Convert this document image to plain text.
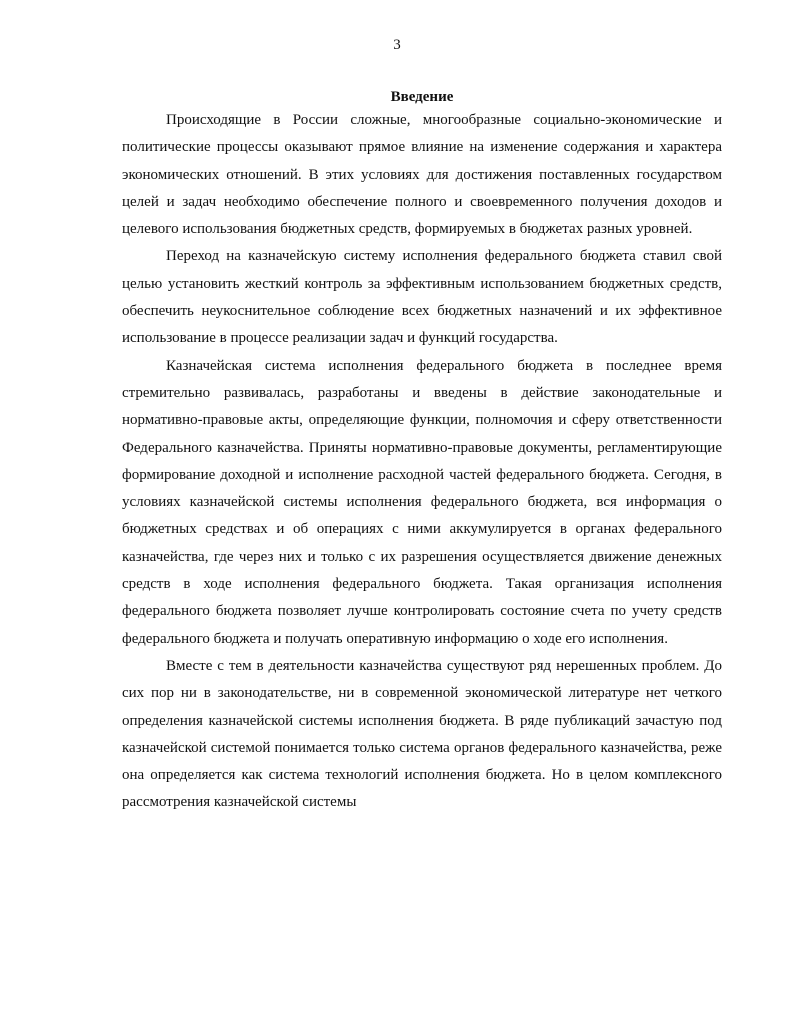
3
Введение

Происходящие в России сложные, многообразные социально-экономические и политические процессы оказывают прямое влияние на изменение содержания и характера экономических отношений. В этих условиях для достижения поставленных государством целей и задач необходимо обеспечение полного и своевременного получения доходов и целевого использования бюджетных средств, формируемых в бюджетах разных уровней.

Переход на казначейскую систему исполнения федерального бюджета ставил свой целью установить жесткий контроль за эффективным использованием бюджетных средств, обеспечить неукоснительное соблюдение всех бюджетных назначений и их эффективное использование в процессе реализации задач и функций государства.

Казначейская система исполнения федерального бюджета в последнее время стремительно развивалась, разработаны и введены в действие законодательные и нормативно-правовые акты, определяющие функции, полномочия и сферу ответственности Федерального казначейства. Приняты нормативно-правовые документы, регламентирующие формирование доходной и исполнение расходной частей федерального бюджета. Сегодня, в условиях казначейской системы исполнения федерального бюджета, вся информация о бюджетных средствах и об операциях с ними аккумулируется в органах федерального казначейства, где через них и только с их разрешения осуществляется движение денежных средств в ходе исполнения федерального бюджета. Такая организация исполнения федерального бюджета позволяет лучше контролировать состояние счета по учету средств федерального бюджета и получать оперативную информацию о ходе его исполнения.

Вместе с тем в деятельности казначейства существуют ряд нерешенных проблем. До сих пор ни в законодательстве, ни в современной экономической литературе нет четкого определения казначейской системы исполнения бюджета. В ряде публикаций зачастую под казначейской системой понимается только система органов федерального казначейства, реже она определяется как система технологий исполнения бюджета. Но в целом комплексного рассмотрения казначейской системы
